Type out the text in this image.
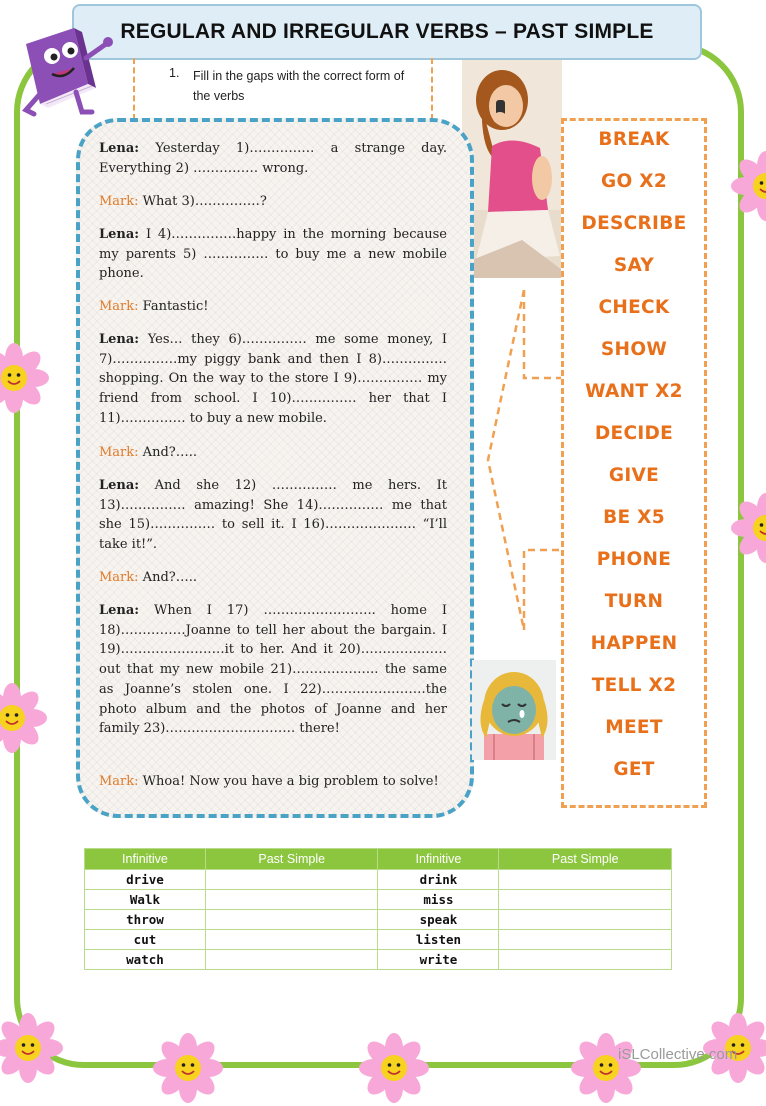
REGULAR AND IRREGULAR VERBS – PAST SIMPLE
1. Fill in the gaps with the correct form of the verbs
Lena: Yesterday 1)…………… a strange day. Everything 2) …………… wrong.
Mark: What 3)……………?
Lena: I 4)……………happy in the morning because my parents 5) …………… to buy me a new mobile phone.
Mark: Fantastic!
Lena: Yes… they 6)…………… me some money, I 7)……………my piggy bank and then I 8)…………… shopping. On the way to the store I 9)…………… my friend from school. I 10)…………… her that I 11)…………… to buy a new mobile.
Mark: And?…..
Lena: And she 12) …………… me hers. It 13)…………… amazing! She 14)…………… me that she 15)…………… to sell it. I 16)………………… “I’ll take it!”.
Mark: And?…..
Lena: When I 17) …………………….. home I 18)……………Joanne to tell her about the bargain. I 19)……………………it to her. And it 20)…………..……out that my new mobile 21)……………….. the same as Joanne’s stolen one. I 22)……………………the photo album and the photos of Joanne and her family 23)………………………… there!
Mark: Whoa! Now you have a big problem to solve!
BREAK
GO X2
DESCRIBE
SAY
CHECK
SHOW
WANT X2
DECIDE
GIVE
BE X5
PHONE
TURN
HAPPEN
TELL X2
MEET
GET
Infinitive	Past Simple	Infinitive	Past Simple
drive		drink	
Walk		miss	
throw		speak	
cut		listen	
watch		write	
iSLCollective.com
